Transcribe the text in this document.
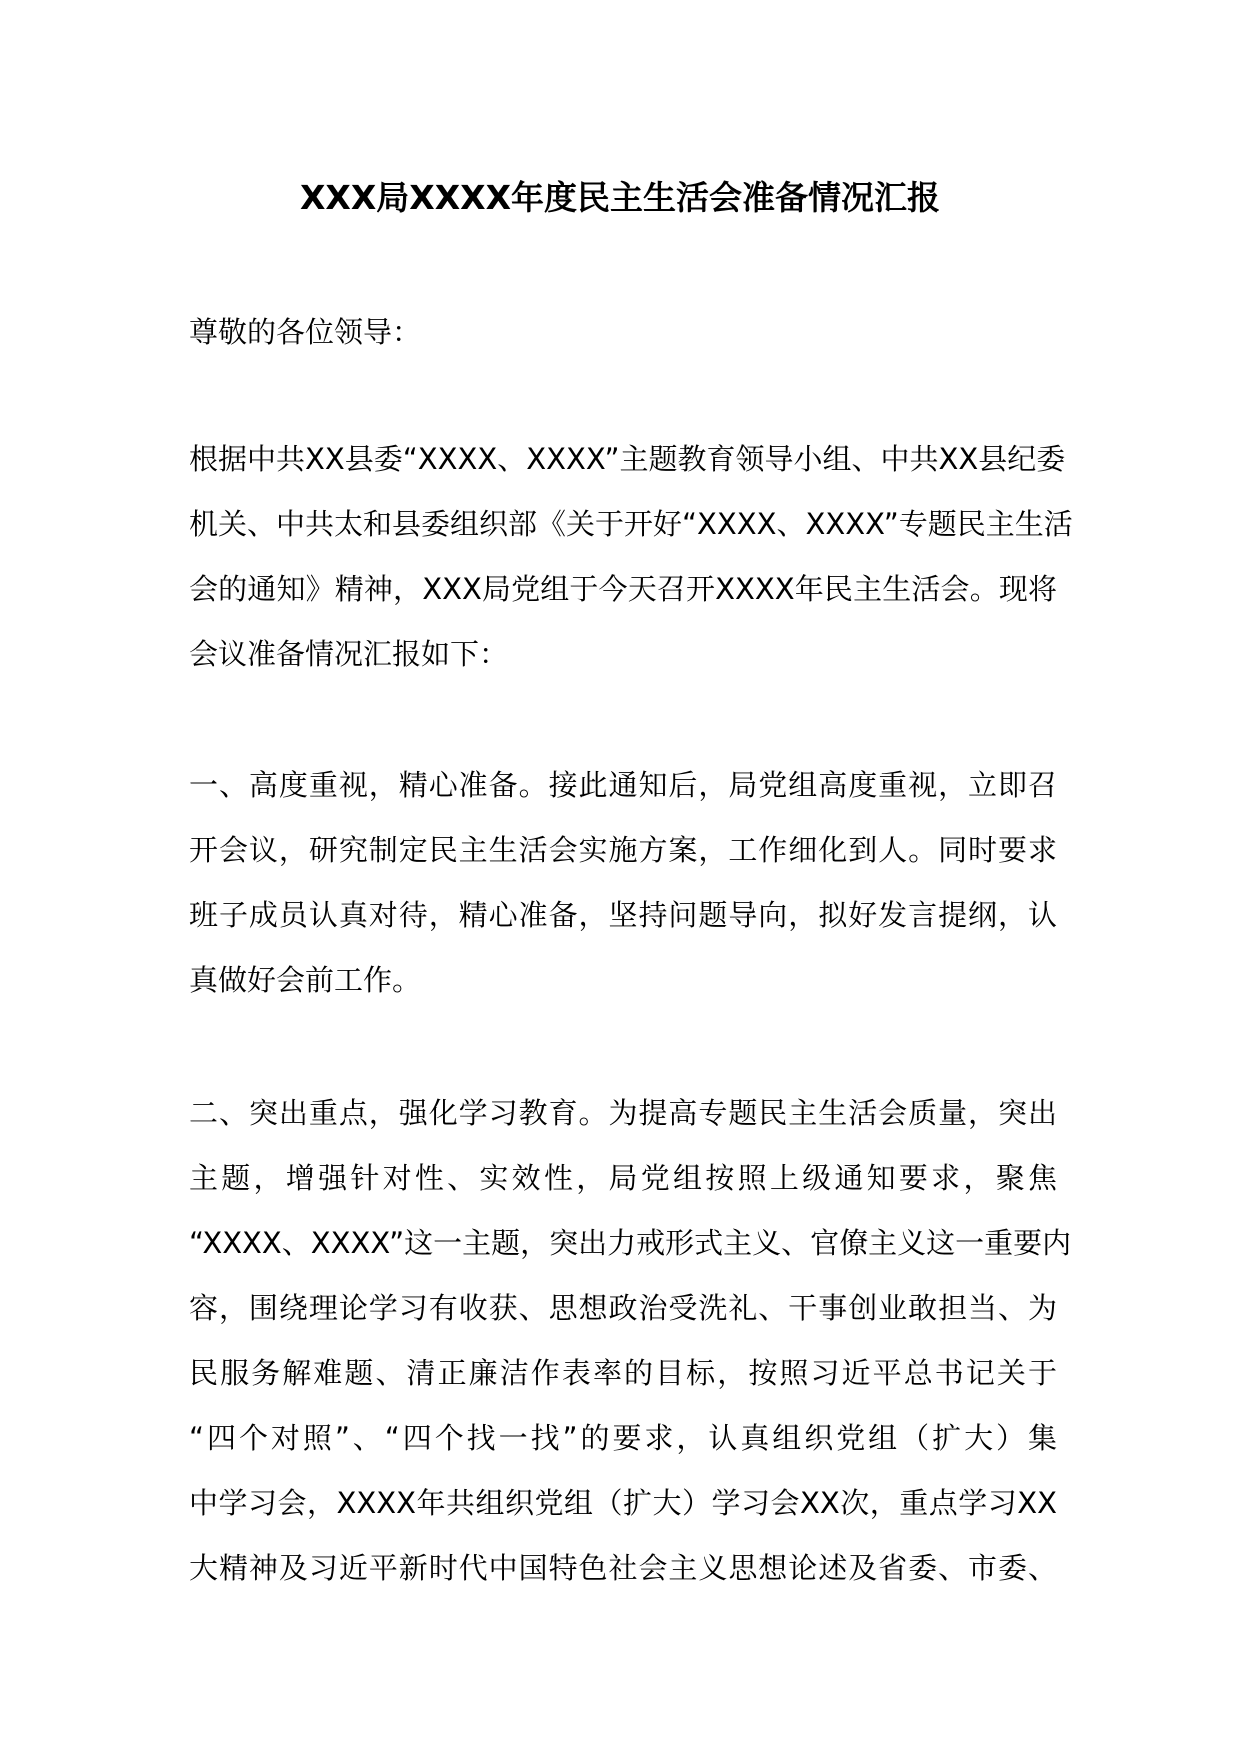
XXX局XXXX年度民主生活会准备情况汇报
尊敬的各位领导：
根据中共XX县委“XXXX、XXXX”主题教育领导小组、中共XX县纪委
机关、中共太和县委组织部《关于开好“XXXX、XXXX”专题民主生活
会的通知》精神，XXX局党组于今天召开XXXX年民主生活会。现将
会议准备情况汇报如下：
一、高度重视，精心准备。接此通知后，局党组高度重视，立即召
开会议，研究制定民主生活会实施方案，工作细化到人。同时要求
班子成员认真对待，精心准备，坚持问题导向，拟好发言提纲，认
真做好会前工作。
二、突出重点，强化学习教育。为提高专题民主生活会质量，突出
主题，增强针对性、实效性，局党组按照上级通知要求，聚焦
“XXXX、XXXX”这一主题，突出力戒形式主义、官僚主义这一重要内
容，围绕理论学习有收获、思想政治受洗礼、干事创业敢担当、为
民服务解难题、清正廉洁作表率的目标，按照习近平总书记关于
“四个对照”、“四个找一找”的要求，认真组织党组（扩大）集
中学习会，XXXX年共组织党组（扩大）学习会XX次，重点学习XX
大精神及习近平新时代中国特色社会主义思想论述及省委、市委、
